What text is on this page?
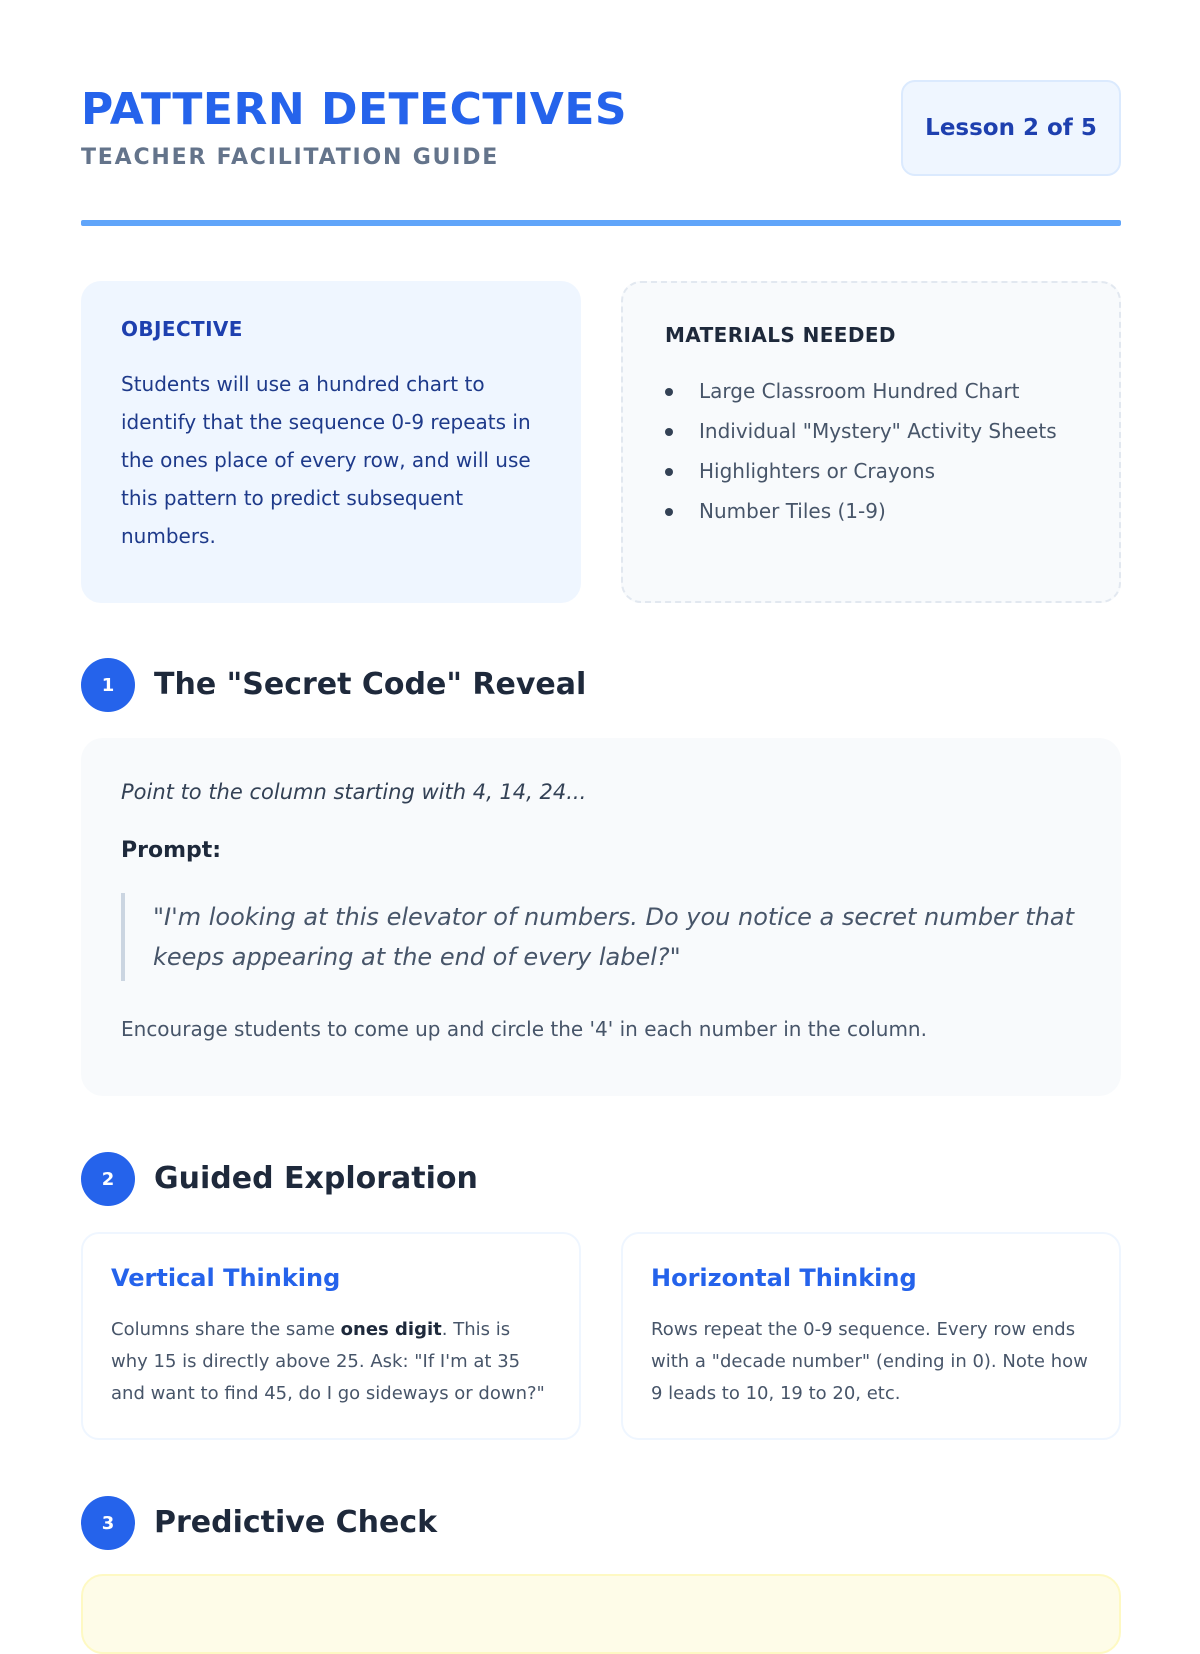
PATTERN DETECTIVES
TEACHER FACILITATION GUIDE
Lesson 2 of 5
OBJECTIVE

Students will use a hundred chart to identify that the sequence 0-9 repeats in the ones place of every row, and will use this pattern to predict subsequent numbers.

MATERIALS NEEDED
Large Classroom Hundred Chart
Individual "Mystery" Activity Sheets
Highlighters or Crayons
Number Tiles (1-9)
1	The "Secret Code" Reveal

Point to the column starting with 4, 14, 24...

Prompt:

"I'm looking at this elevator of numbers. Do you notice a secret number that keeps appearing at the end of every label?"

Encourage students to come up and circle the '4' in each number in the column.

2	Guided Exploration
Vertical Thinking

Columns share the same ones digit. This is why 15 is directly above 25. Ask: "If I'm at 35 and want to find 45, do I go sideways or down?"

Horizontal Thinking

Rows repeat the 0-9 sequence. Every row ends with a "decade number" (ending in 0). Note how 9 leads to 10, 19 to 20, etc.

3	Predictive Check
